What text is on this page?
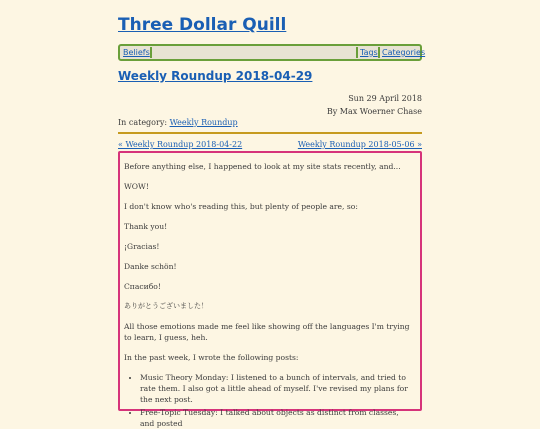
Three Dollar Quill
Beliefs	Tags Categories
Weekly Roundup 2018-04-29
Sun 29 April 2018
By Max Woerner Chase
In category: Weekly Roundup
« Weekly Roundup 2018-04-22	Weekly Roundup 2018-05-06 »

Before anything else, I happened to look at my site stats recently, and...

WOW!

I don't know who's reading this, but plenty of people are, so:

Thank you!

¡Gracias!

Danke schön!

Спасибо!

ありがとうございました！

All those emotions made me feel like showing off the languages I'm trying to learn, I guess, heh.

In the past week, I wrote the following posts:

• Music Theory Monday: I listened to a bunch of intervals, and tried to rate them. I also got a little ahead of myself. I've revised my plans for the next post.
• Free-Topic Tuesday: I talked about objects as distinct from classes, and posted
